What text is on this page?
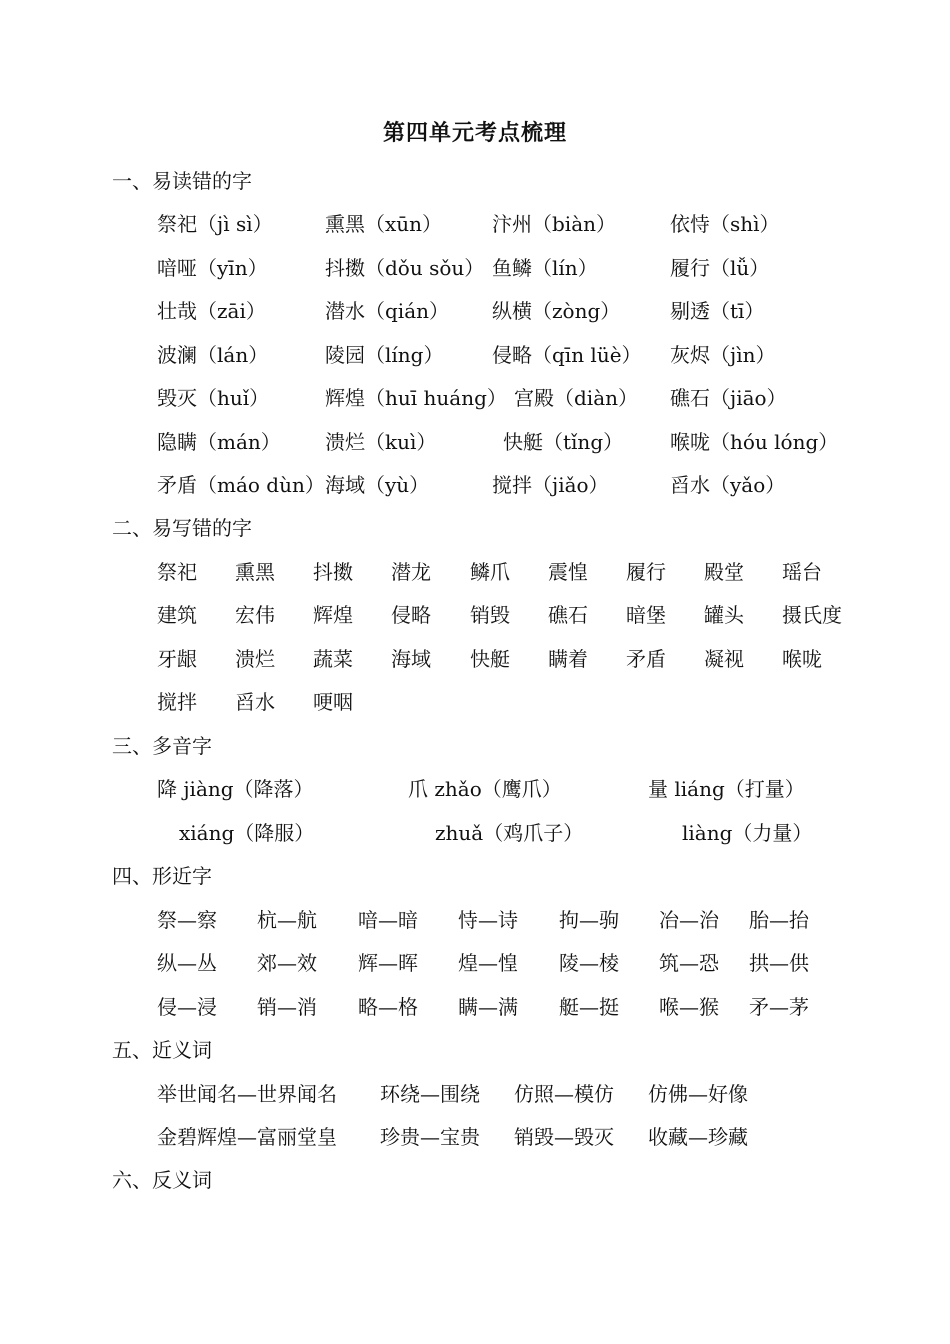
第四单元考点梳理
一、易读错的字
祭祀（jì sì）	熏黑（xūn） 汴州（biàn）	依恃（shì）
喑哑（yīn）	抖擞（dǒu sǒu） 鱼鳞（lín）	履行（lǚ）
壮哉（zāi）	潜水（qián） 纵横（zòng） 剔透（tī）
波澜（lán）	陵园（líng） 侵略（qīn lüè） 灰烬（jìn）
毁灭（huǐ）	辉煌（huī huáng） 宫殿（diàn） 礁石（jiāo）
隐瞒（mán） 溃烂（kuì）	快艇（tǐng） 喉咙（hóu lóng）
矛盾（máo dùn） 海域（yù）	搅拌（jiǎo）	舀水（yǎo）
二、易写错的字
祭祀 熏黑 抖擞 潜龙 鳞爪 震惶 履行 殿堂 瑶台
建筑 宏伟 辉煌 侵略 销毁 礁石 暗堡 罐头 摄氏度
牙龈 溃烂 蔬菜 海域 快艇 瞒着 矛盾 凝视 喉咙
搅拌 舀水 哽咽
三、多音字
降 jiàng（降落）	爪 zhǎo（鹰爪）	量 liáng（打量）
xiáng（降服）	zhuǎ（鸡爪子）	liàng（力量）
四、形近字
祭—察 杭—航 喑—暗 恃—诗 拘—驹 冶—治 胎—抬
纵—丛 郊—效 辉—晖 煌—惶 陵—棱 筑—恐 拱—供
侵—浸 销—消 略—格 瞒—满 艇—挺 喉—猴 矛—茅
五、近义词
举世闻名—世界闻名 环绕—围绕 仿照—模仿 仿佛—好像
金碧辉煌—富丽堂皇 珍贵—宝贵 销毁—毁灭 收藏—珍藏
六、反义词
